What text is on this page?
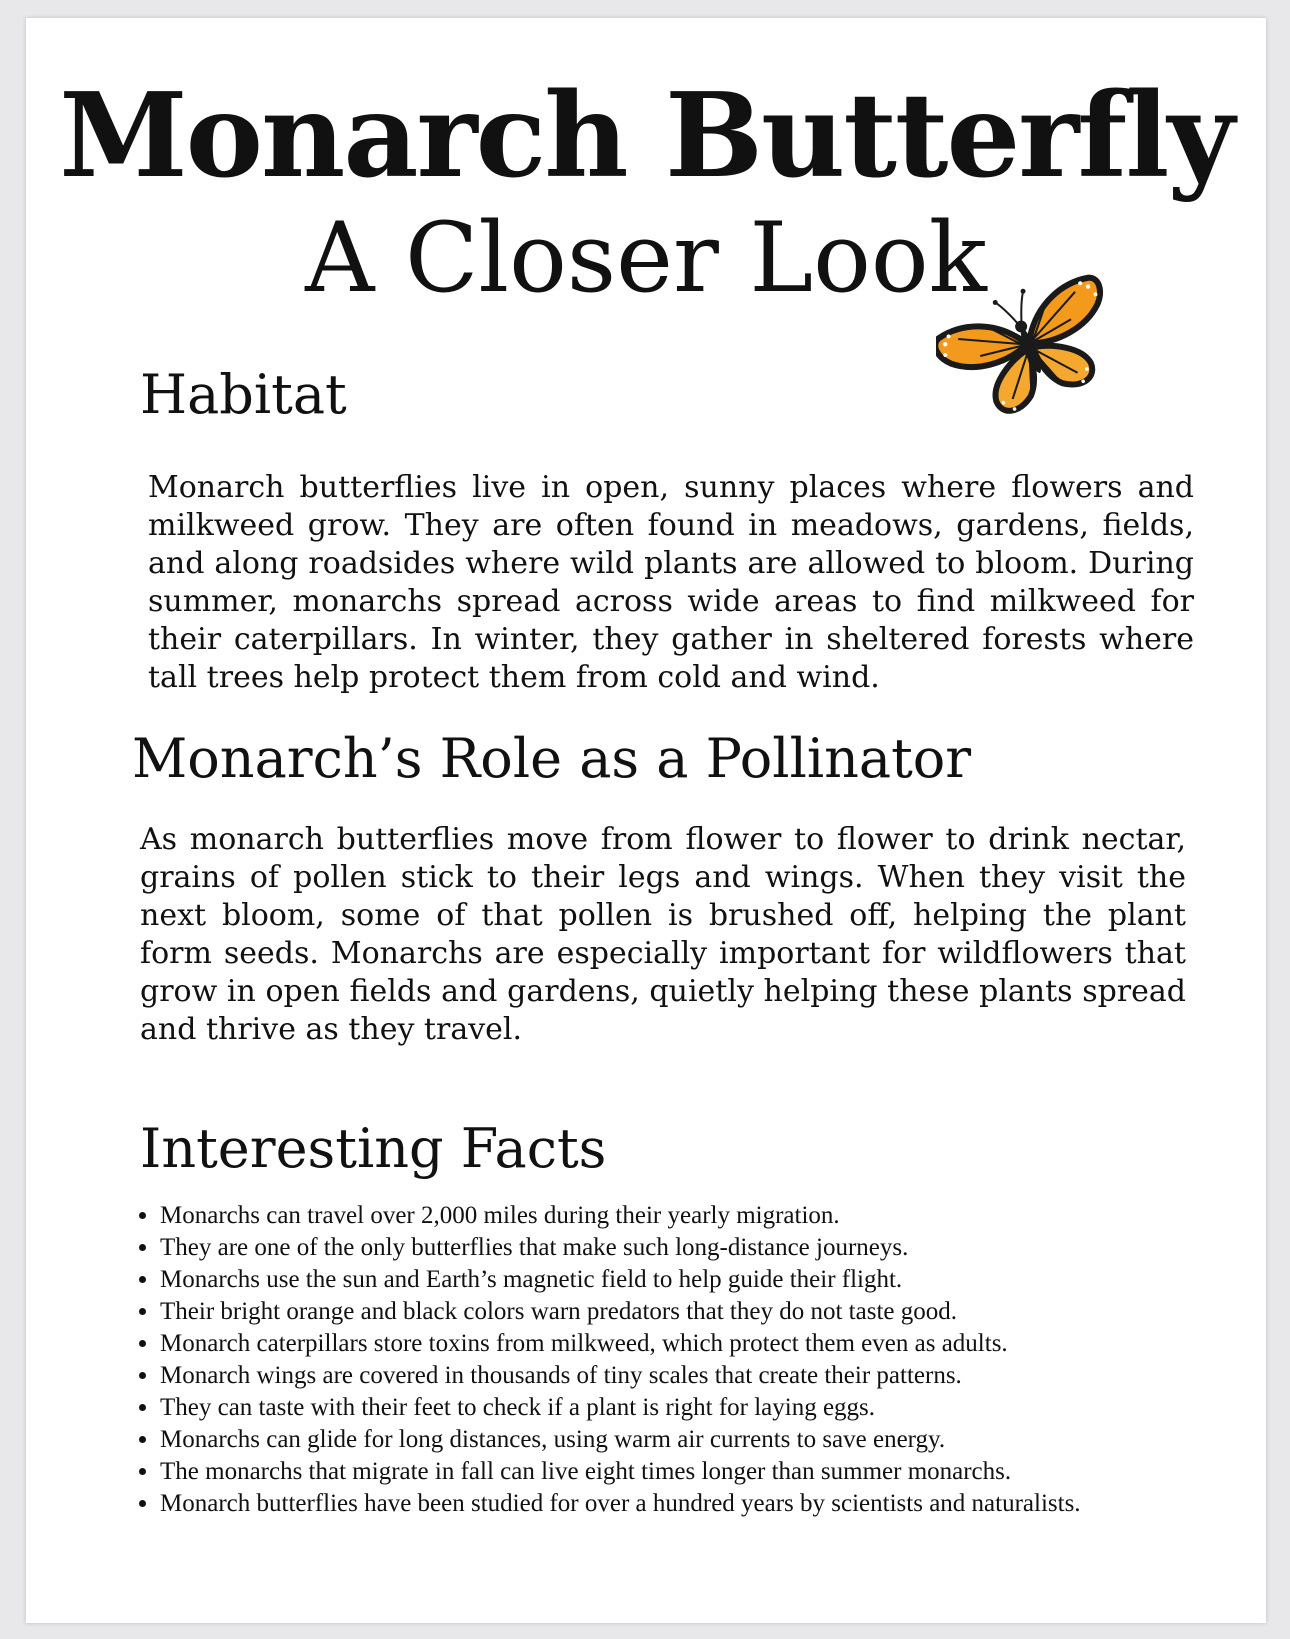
Monarch Butterfly
A Closer Look
Habitat

Monarch butterflies live in open, sunny places where flowers and milkweed grow. They are often found in meadows, gardens, fields, and along roadsides where wild plants are allowed to bloom. During summer, monarchs spread across wide areas to find milkweed for their caterpillars. In winter, they gather in sheltered forests where tall trees help protect them from cold and wind.

Monarch’s Role as a Pollinator

As monarch butterflies move from flower to flower to drink nectar, grains of pollen stick to their legs and wings. When they visit the next bloom, some of that pollen is brushed off, helping the plant form seeds. Monarchs are especially important for wildflowers that grow in open fields and gardens, quietly helping these plants spread and thrive as they travel.

Interesting Facts
• Monarchs can travel over 2,000 miles during their yearly migration.
• They are one of the only butterflies that make such long-distance journeys.
• Monarchs use the sun and Earth’s magnetic field to help guide their flight.
• Their bright orange and black colors warn predators that they do not taste good.
• Monarch caterpillars store toxins from milkweed, which protect them even as adults.
• Monarch wings are covered in thousands of tiny scales that create their patterns.
• They can taste with their feet to check if a plant is right for laying eggs.
• Monarchs can glide for long distances, using warm air currents to save energy.
• The monarchs that migrate in fall can live eight times longer than summer monarchs.
• Monarch butterflies have been studied for over a hundred years by scientists and naturalists.
